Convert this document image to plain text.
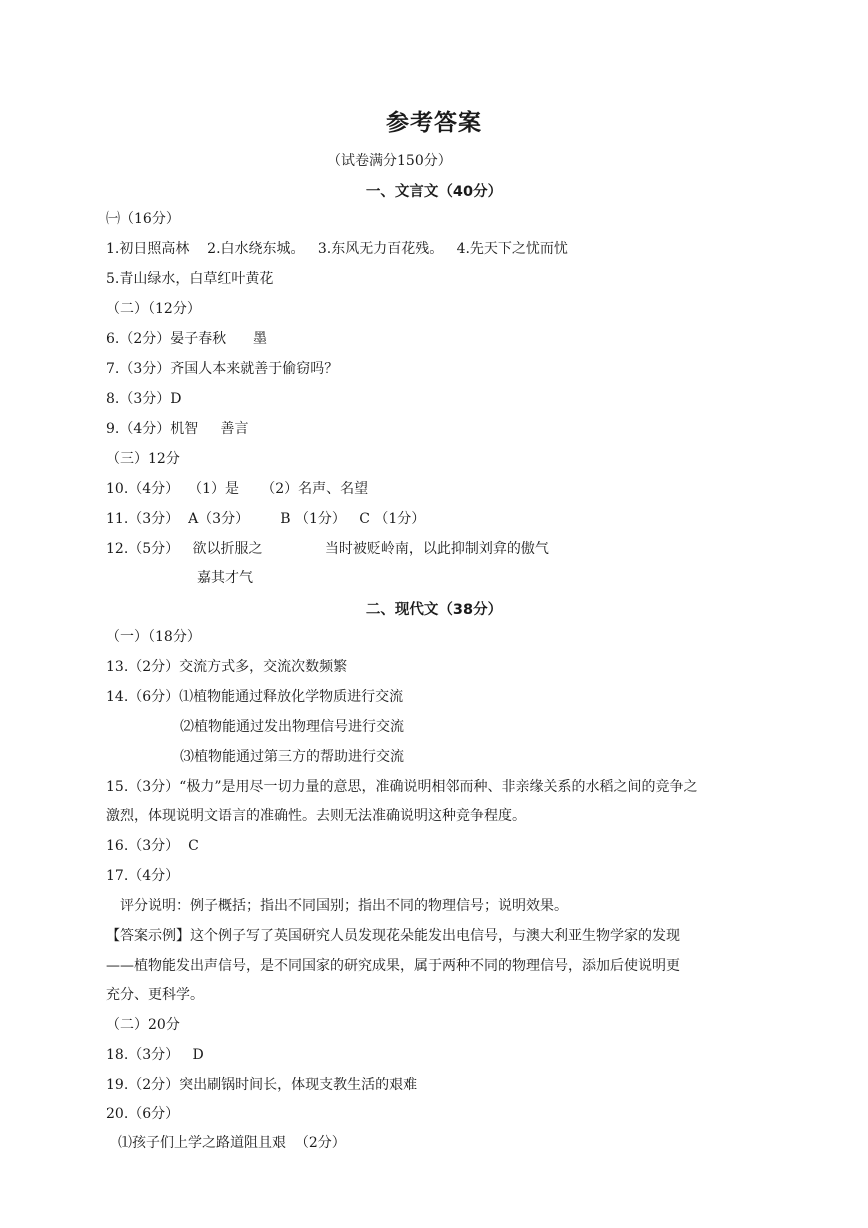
参考答案
（试卷满分150分）
一、文言文（40分）
㈠（16分）
1.初日照高林    2.白水绕东城。   3.东风无力百花残。   4.先天下之忧而忧
5.青山绿水，白草红叶黄花
（二）（12分）
6.（2分）晏子春秋      墨
7.（3分）齐国人本来就善于偷窃吗？
8.（3分）D
9.（4分）机智     善言
（三）12分
10.（4分）  （1）是     （2）名声、名望
11.（3分）  A（3分）       B （1分）   C （1分）
12.（5分）   欲以折服之              当时被贬岭南，以此抑制刘弇的傲气
嘉其才气
二、现代文（38分）
（一）（18分）
13.（2分）交流方式多，交流次数频繁
14.（6分）⑴植物能通过释放化学物质进行交流
⑵植物能通过发出物理信号进行交流
⑶植物能通过第三方的帮助进行交流
15.（3分）“极力”是用尽一切力量的意思，准确说明相邻而种、非亲缘关系的水稻之间的竞争之
激烈，体现说明文语言的准确性。去则无法准确说明这种竞争程度。
16.（3分）  C
17.（4分）
评分说明：例子概括；指出不同国别；指出不同的物理信号；说明效果。
【答案示例】这个例子写了英国研究人员发现花朵能发出电信号，与澳大利亚生物学家的发现
——植物能发出声信号，是不同国家的研究成果，属于两种不同的物理信号，添加后使说明更
充分、更科学。
（二）20分
18.（3分）   D
19.（2分）突出刷锅时间长，体现支教生活的艰难
20.（6分）
⑴孩子们上学之路道阻且艰  （2分）
